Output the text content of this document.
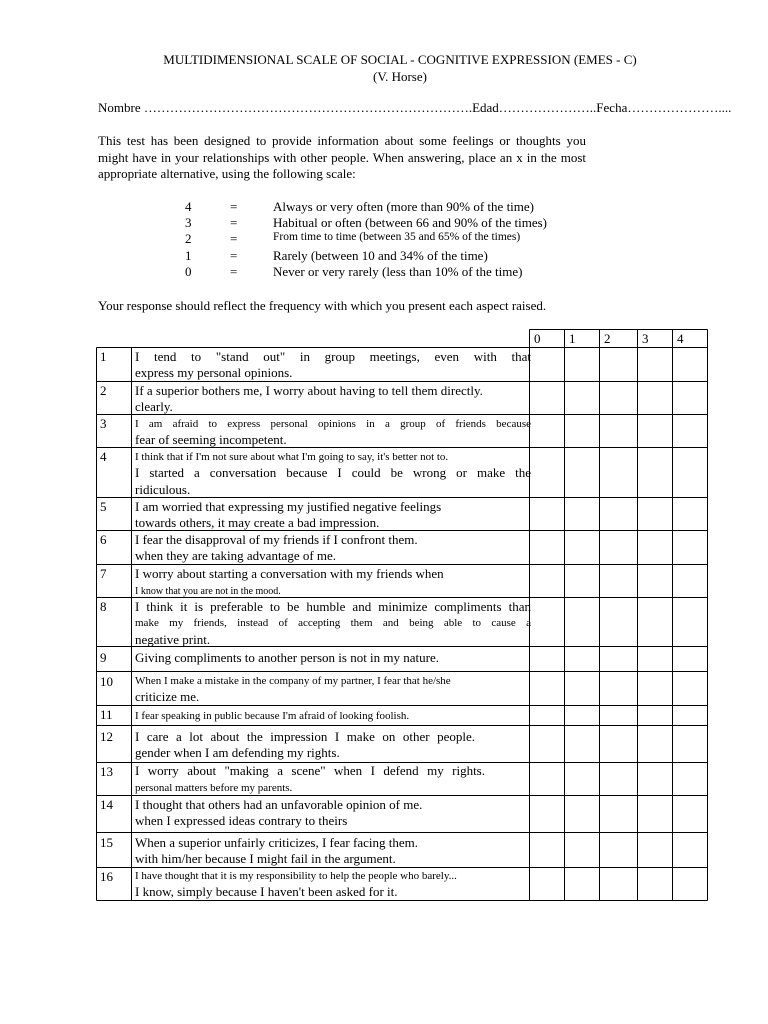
MULTIDIMENSIONAL SCALE OF SOCIAL - COGNITIVE EXPRESSION (EMES - C)
(V. Horse)
Nombre ………………………………………………………………….Edad…………………..Fecha…………………....
This test has been designed to provide information about some feelings or thoughts you might have in your relationships with other people. When answering, place an x in the most appropriate alternative, using the following scale:
4	=	Always or very often (more than 90% of the time)
3	=	Habitual or often (between 66 and 90% of the times)
2	=	From time to time (between 35 and 65% of the times)
1	=	Rarely (between 10 and 34% of the time)
0	=	Never or very rarely (less than 10% of the time)
Your response should reflect the frequency with which you present each aspect raised.
0 1 2 3 4
1 I tend to "stand out" in group meetings, even with that
express my personal opinions.
2 If a superior bothers me, I worry about having to tell them directly.
clearly.
3	I am afraid to express personal opinions in a group of friends because
fear of seeming incompetent.
4	I think that if I'm not sure about what I'm going to say, it's better not to.
I started a conversation because I could be wrong or make the
ridiculous.
5 I am worried that expressing my justified negative feelings
towards others, it may create a bad impression.
6 I fear the disapproval of my friends if I confront them.
when they are taking advantage of me.
7 I worry about starting a conversation with my friends when
I know that you are not in the mood.
8 I think it is preferable to be humble and minimize compliments than
make my friends, instead of accepting them and being able to cause a
negative print.
9 Giving compliments to another person is not in my nature.
10 When I make a mistake in the company of my partner, I fear that he/she
criticize me.
11 I fear speaking in public because I'm afraid of looking foolish.
12 I care a lot about the impression I make on other people.
gender when I am defending my rights.
13 I worry about "making a scene" when I defend my rights.
personal matters before my parents.
14 I thought that others had an unfavorable opinion of me.
when I expressed ideas contrary to theirs
15 When a superior unfairly criticizes, I fear facing them.
with him/her because I might fail in the argument.
16 I have thought that it is my responsibility to help the people who barely...
I know, simply because I haven't been asked for it.
